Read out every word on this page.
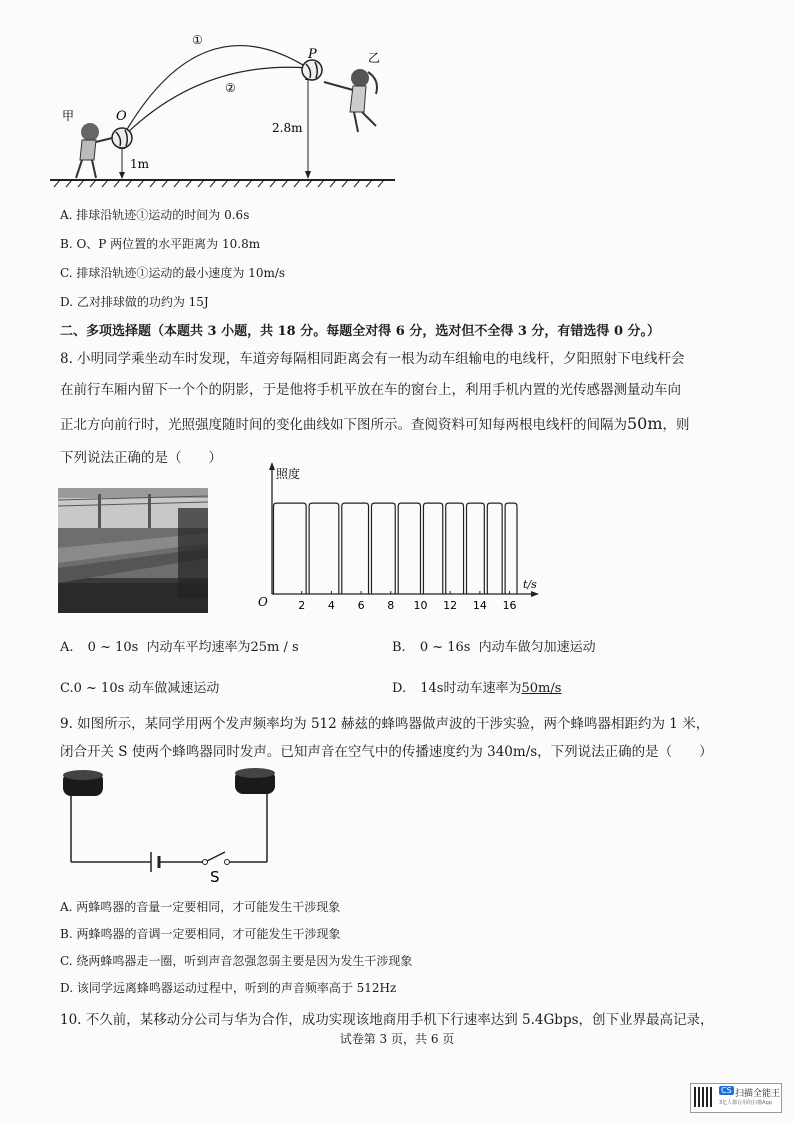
①
②
P
O
甲
乙
2.8m
1m
A. 排球沿轨迹①运动的时间为 0.6s
B. O、P 两位置的水平距离为 10.8m
C. 排球沿轨迹①运动的最小速度为 10m/s
D. 乙对排球做的功约为 15J
二、多项选择题（本题共 3 小题，共 18 分。每题全对得 6 分，选对但不全得 3 分，有错选得 0 分。）
8. 小明同学乘坐动车时发现，车道旁每隔相同距离会有一根为动车组输电的电线杆，夕阳照射下电线杆会
在前行车厢内留下一个个的阴影，于是他将手机平放在车的窗台上，利用手机内置的光传感器测量动车向
正北方向前行时，光照强度随时间的变化曲线如下图所示。查阅资料可知每两根电线杆的间隔为50m，则
下列说法正确的是（　　）
照度
t/s
O	2 4 6 8 10 12 14 16
A. 0 ~ 10s 内动车平均速率为25m / s	B. 0 ~ 16s 内动车做匀加速运动
C.0 ~ 10s 动车做减速运动	D. 14s时动车速率为50m/s
9. 如图所示，某同学用两个发声频率均为 512 赫兹的蜂鸣器做声波的干涉实验，两个蜂鸣器相距约为 1 米，
闭合开关 S 使两个蜂鸣器同时发声。已知声音在空气中的传播速度约为 340m/s，下列说法正确的是（　　）
S
A. 两蜂鸣器的音量一定要相同，才可能发生干涉现象
B. 两蜂鸣器的音调一定要相同，才可能发生干涉现象
C. 绕两蜂鸣器走一圈，听到声音忽强忽弱主要是因为发生干涉现象
D. 该同学远离蜂鸣器运动过程中，听到的声音频率高于 512Hz
10. 不久前，某移动分公司与华为合作，成功实现该地商用手机下行速率达到 5.4Gbps，创下业界最高记录，
试卷第 3 页，共 6 页
CS 扫描全能王
3亿人都在用的扫描App
